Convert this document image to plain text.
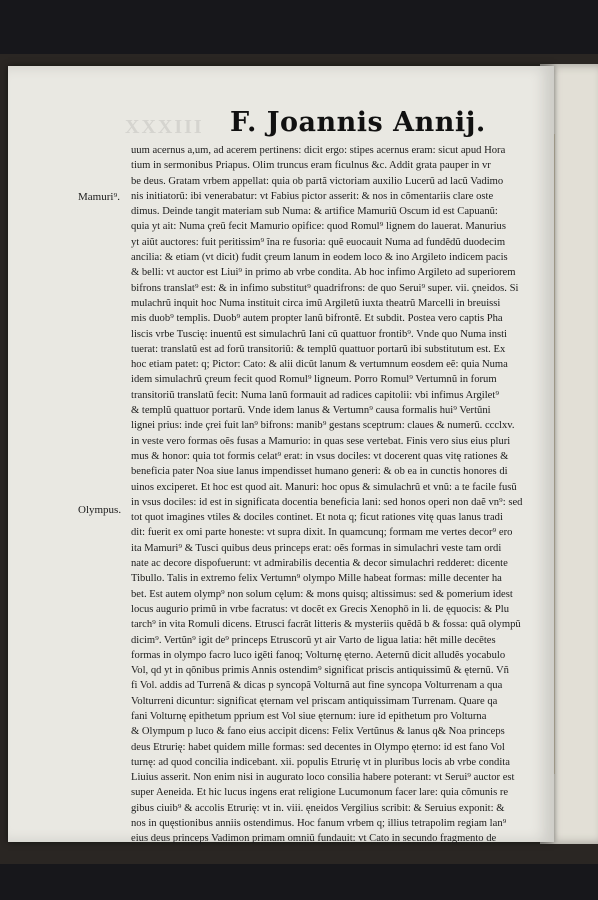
XXXIII F. Joannis Annij.
Mamuri⁹.
Olympus.
uum acernus a,um, ad acerem pertinens: dicit ergo: stipes acernus eram: sicut apud Hora
tium in sermonibus Priapus. Olim truncus eram ficulnus &c. Addit grata pauper in vr
be deus. Gratam vrbem appellat: quia ob partã victoriam auxilio Lucerũ ad lacũ Vadimo
nis initiatorũ: ibi venerabatur: vt Fabius pictor asserit: & nos in cõmentariis clare oste
dimus. Deinde tangit materiam sub Numa: & artifice Mamuriũ Oscum id est Capuanũ:
quia yt ait: Numa çreũ fecit Mamurio opifice: quod Romul⁹ lignem do lauerat. Manurius
yt aiũt auctores: fuit peritissim⁹ ĩna re fusoria: quẽ euocauit Numa ad fundẽdũ duodecim
ancilia: & etiam (vt dicit) fudit çreum lanum in eodem loco & ino Argileto indicem pacis
& belli: vt auctor est Liui⁹ in primo ab vrbe condita. Ab hoc infimo Argileto ad superiorem
bifrons translat⁹ est: & in infimo substitut⁹ quadrifrons: de quo Serui⁹ super. vii. çneidos. Si
mulachrũ inquit hoc Numa instituit circa imũ Argiletũ iuxta theatrũ Marcelli in breuissi
mis duob⁹ templis. Duob⁹ autem propter lanũ bifrontẽ. Et subdit. Postea vero captis Pha
liscis vrbe Tuscię: inuentũ est simulachrũ Iani cũ quattuor frontib⁹. Vnde quo Numa insti
tuerat: translatũ est ad forũ transitoriũ: & templũ quattuor portarũ ibi substitutum est. Ex
hoc etiam patet: q; Pictor: Cato: & alii dicũt lanum & vertumnum eosdem eẽ: quia Numa
idem simulachrũ çreum fecit quod Romul⁹ ligneum. Porro Romul⁹ Vertumnũ in forum
transitoriũ translatũ fecit: Numa lanũ formauit ad radices capitolii: vbi infimus Argilet⁹
& templũ quattuor portarũ. Vnde idem lanus & Vertumn⁹ causa formalis hui⁹ Vertũni
lignei prius: inde çrei fuit lan⁹ bifrons: manib⁹ gestans sceptrum: claues & numerũ. ccclxv.
in veste vero formas oẽs fusas a Mamurio: in quas sese vertebat. Finis vero sius eius pluri
mus & honor: quia tot formis celat⁹ erat: in vsus dociles: vt docerent quas vitę rationes &
beneficia pater Noa siue lanus impendisset humano generi: & ob ea in cunctis honores di
uinos exciperet. Et hoc est quod ait. Manuri: hoc opus & simulachrũ et vnũ: a te facile fusũ
in vsus dociles: id est in significata docentia beneficia lani: sed honos operi non daẽ vn⁹: sed
tot quot imagines vtiles & dociles continet. Et nota q; ficut rationes vitę quas lanus tradi
dit: fuerit ex omi parte honeste: vt supra dixit. In quamcunq; formam me vertes decor⁹ ero
ita Mamuri⁹ & Tusci quibus deus princeps erat: oẽs formas in simulachri veste tam ordi
nate ac decore dispofuerunt: vt admirabilis decentia & decor simulachri redderet: dicente
Tibullo. Talis in extremo felix Vertumn⁹ olympo Mille habeat formas: mille decenter ha
bet. Est autem olymp⁹ non solum cęlum: & mons quisq; altissimus: sed & pomerium idest
locus augurio primũ in vrbe facratus: vt docẽt ex Grecis Xenophō in li. de ęquocis: & Plu
tarch⁹ in vita Romuli dicens. Etrusci facrãt litteris & mysteriis quẽdã b & fossa: quã olympũ
dicim⁹. Vertũn⁹ igit de⁹ princeps Etruscorũ yt air Varto de ligua latia: hẽt mille decẽtes
formas in olympo facro luco igẽti fanoq; Volturnę ęterno. Aeternũ dicit alludẽs yocabulo
Vol, qd yt in qõnibus primis Annis ostendim⁹ significat priscis antiquissimũ & ęternũ. Vñ
fi Vol. addis ad Turrenã & dicas p syncopã Volturnã aut fine syncopa Volturrenam a qua
Volturreni dicuntur: significat ęternam vel priscam antiquissimam Turrenam. Quare qa
fani Volturnę epithetum pprium est Vol siue ęternum: iure id epithetum pro Volturna
& Olympum p luco & fano eius accipit dicens: Felix Vertũnus & lanus q& Noa princeps
deus Etrurię: habet quidem mille formas: sed decentes in Olympo ęterno: id est fano Vol
turnę: ad quod concilia indicebant. xii. populis Etrurię vt in pluribus locis ab vrbe condita
Liuius asserit. Non enim nisi in augurato loco consilia habere poterant: vt Serui⁹ auctor est
super Aeneida. Et hic lucus ingens erat religione Lucumonum facer lare: quia cõmunis re
gibus ciuib⁹ & accolis Etrurię: vt in. viii. ęneidos Vergilius scribit: & Seruius exponit: &
nos in quęstionibus anniis ostendimus. Hoc fanum vrbem q; illius tetrapolim regiam lan⁹
eius deus princeps Vadimon primam omniũ fundauit: vt Cato in secundo fragmento de
